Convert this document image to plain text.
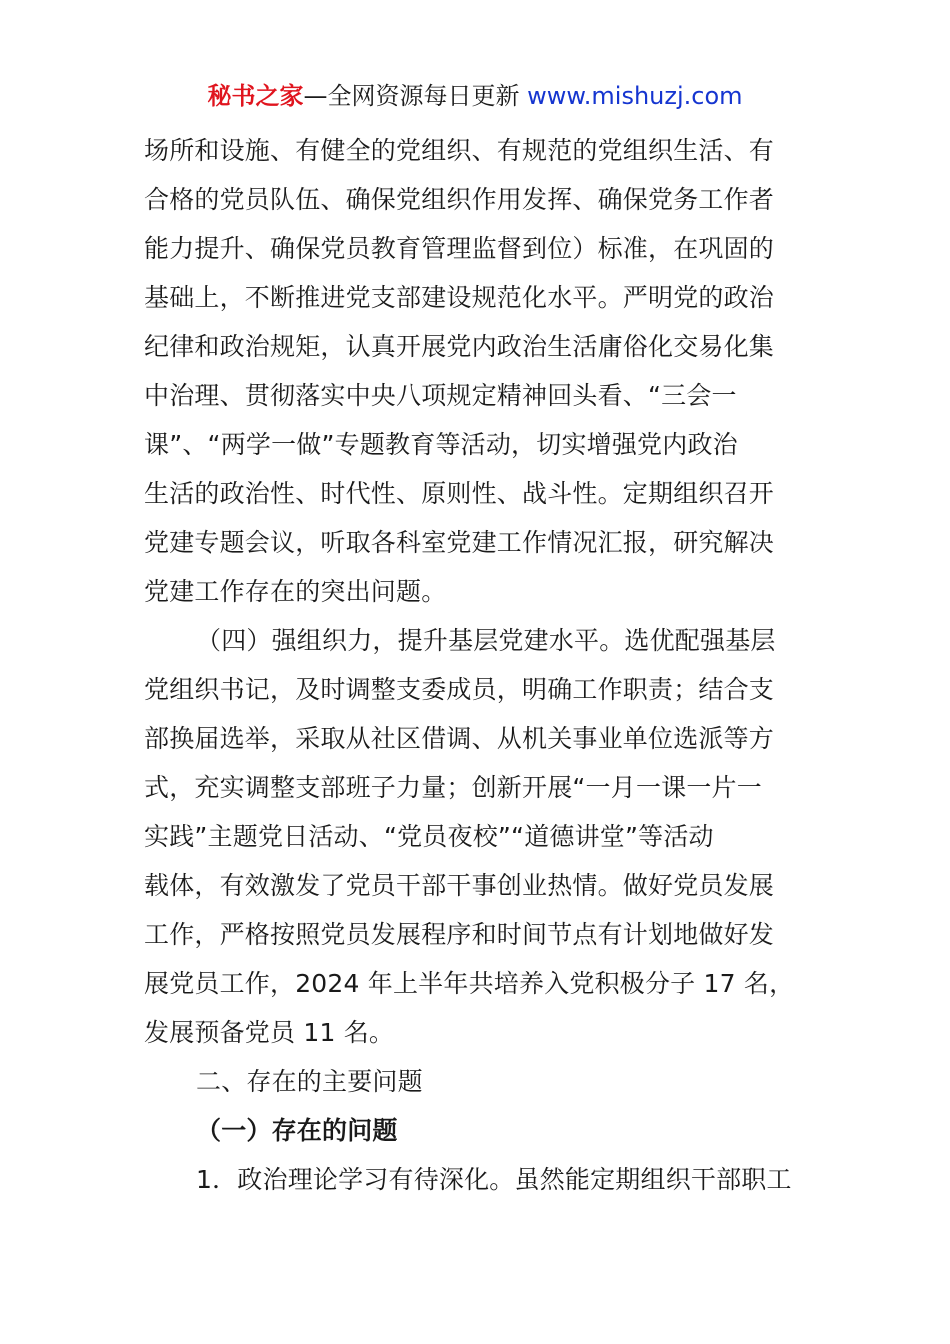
秘书之家—全网资源每日更新 www.mishuzj.com
场所和设施、有健全的党组织、有规范的党组织生活、有
合格的党员队伍、确保党组织作用发挥、确保党务工作者
能力提升、确保党员教育管理监督到位）标准，在巩固的
基础上，不断推进党支部建设规范化水平。严明党的政治
纪律和政治规矩，认真开展党内政治生活庸俗化交易化集
中治理、贯彻落实中央八项规定精神回头看、“三会一
课”、“两学一做”专题教育等活动，切实增强党内政治
生活的政治性、时代性、原则性、战斗性。定期组织召开
党建专题会议，听取各科室党建工作情况汇报，研究解决
党建工作存在的突出问题。
（四）强组织力，提升基层党建水平。选优配强基层
党组织书记，及时调整支委成员，明确工作职责；结合支
部换届选举，采取从社区借调、从机关事业单位选派等方
式，充实调整支部班子力量；创新开展“一月一课一片一
实践”主题党日活动、“党员夜校”“道德讲堂”等活动
载体，有效激发了党员干部干事创业热情。做好党员发展
工作，严格按照党员发展程序和时间节点有计划地做好发
展党员工作，2024 年上半年共培养入党积极分子 17 名，
发展预备党员 11 名。
二、存在的主要问题
（一）存在的问题
1．政治理论学习有待深化。虽然能定期组织干部职工
